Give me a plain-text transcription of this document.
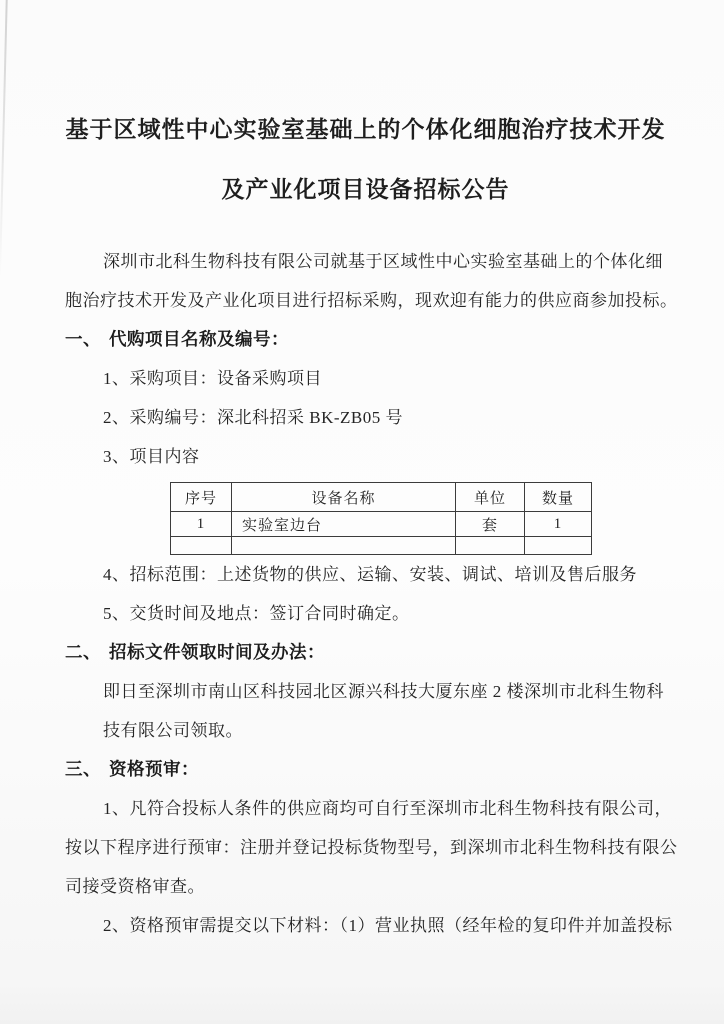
基于区域性中心实验室基础上的个体化细胞治疗技术开发
及产业化项目设备招标公告
深圳市北科生物科技有限公司就基于区域性中心实验室基础上的个体化细
胞治疗技术开发及产业化项目进行招标采购，现欢迎有能力的供应商参加投标。
一、 代购项目名称及编号：
1、采购项目：设备采购项目
2、采购编号：深北科招采 BK-ZB05 号
3、项目内容
序号	设备名称	单位	数量
1	实验室边台	套	1

4、招标范围：上述货物的供应、运输、安装、调试、培训及售后服务
5、交货时间及地点：签订合同时确定。
二、 招标文件领取时间及办法：
即日至深圳市南山区科技园北区源兴科技大厦东座 2 楼深圳市北科生物科
技有限公司领取。
三、 资格预审：
1、凡符合投标人条件的供应商均可自行至深圳市北科生物科技有限公司，
按以下程序进行预审：注册并登记投标货物型号，到深圳市北科生物科技有限公
司接受资格审查。
2、资格预审需提交以下材料：（1）营业执照（经年检的复印件并加盖投标
